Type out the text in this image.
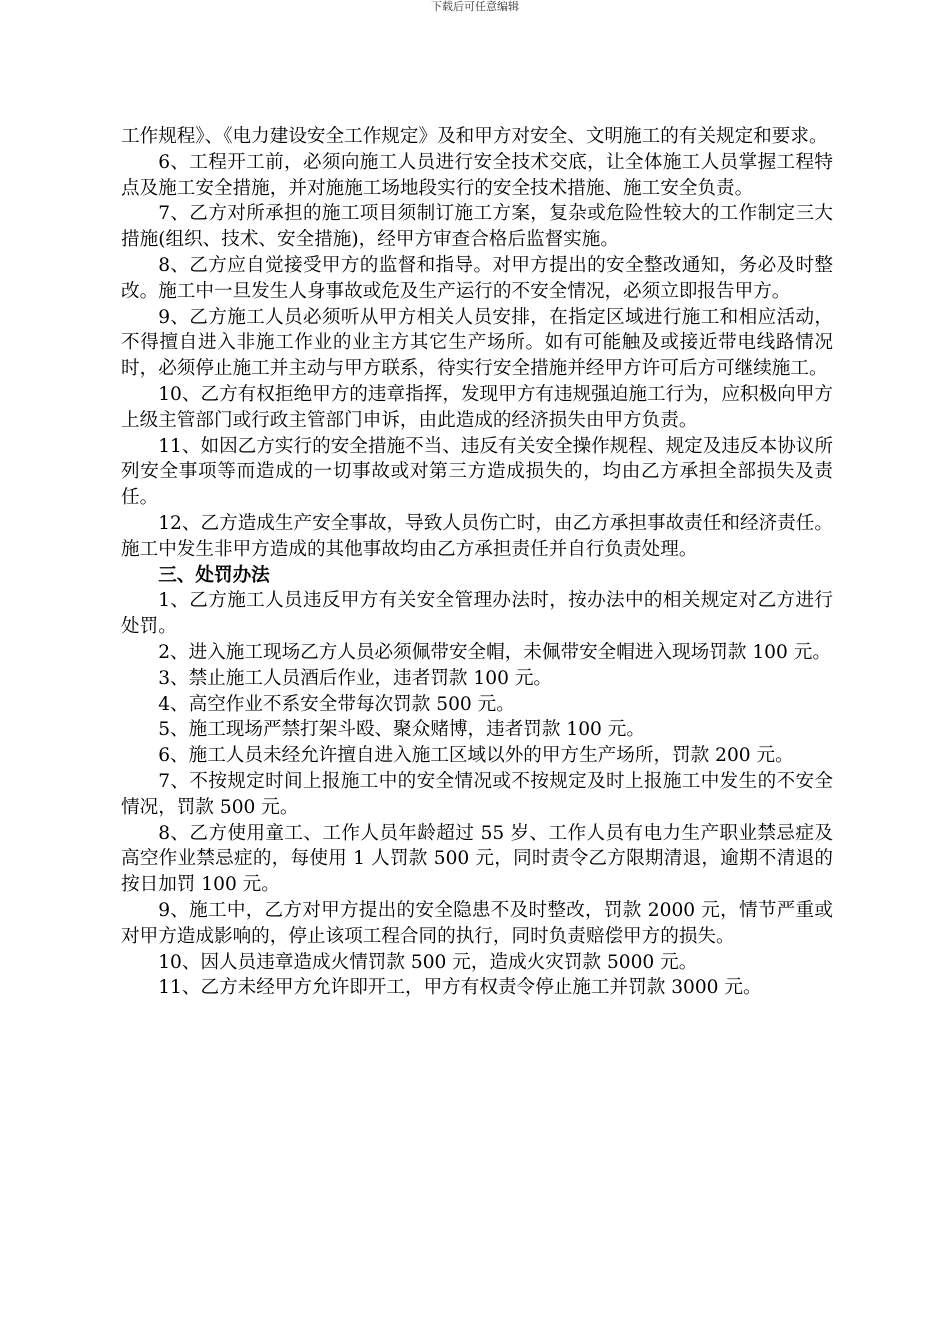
下载后可任意编辑

工作规程》、《电力建设安全工作规定》及和甲方对安全、文明施工的有关规定和要求。

6、工程开工前，必须向施工人员进行安全技术交底，让全体施工人员掌握工程特点及施工安全措施，并对施施工场地段实行的安全技术措施、施工安全负责。

7、乙方对所承担的施工项目须制订施工方案，复杂或危险性较大的工作制定三大措施(组织、技术、安全措施)，经甲方审查合格后监督实施。

8、乙方应自觉接受甲方的监督和指导。对甲方提出的安全整改通知，务必及时整改。施工中一旦发生人身事故或危及生产运行的不安全情况，必须立即报告甲方。

9、乙方施工人员必须听从甲方相关人员安排，在指定区域进行施工和相应活动，不得擅自进入非施工作业的业主方其它生产场所。如有可能触及或接近带电线路情况时，必须停止施工并主动与甲方联系，待实行安全措施并经甲方许可后方可继续施工。

10、乙方有权拒绝甲方的违章指挥，发现甲方有违规强迫施工行为，应积极向甲方上级主管部门或行政主管部门申诉，由此造成的经济损失由甲方负责。

11、如因乙方实行的安全措施不当、违反有关安全操作规程、规定及违反本协议所列安全事项等而造成的一切事故或对第三方造成损失的，均由乙方承担全部损失及责任。

12、乙方造成生产安全事故，导致人员伤亡时，由乙方承担事故责任和经济责任。施工中发生非甲方造成的其他事故均由乙方承担责任并自行负责处理。

三、处罚办法

1、乙方施工人员违反甲方有关安全管理办法时，按办法中的相关规定对乙方进行处罚。

2、进入施工现场乙方人员必须佩带安全帽，未佩带安全帽进入现场罚款 100 元。

3、禁止施工人员酒后作业，违者罚款 100 元。

4、高空作业不系安全带每次罚款 500 元。

5、施工现场严禁打架斗殴、聚众赌博，违者罚款 100 元。

6、施工人员未经允许擅自进入施工区域以外的甲方生产场所，罚款 200 元。

7、不按规定时间上报施工中的安全情况或不按规定及时上报施工中发生的不安全情况，罚款 500 元。

8、乙方使用童工、工作人员年龄超过 55 岁、工作人员有电力生产职业禁忌症及高空作业禁忌症的，每使用 1 人罚款 500 元，同时责令乙方限期清退，逾期不清退的按日加罚 100 元。

9、施工中，乙方对甲方提出的安全隐患不及时整改，罚款 2000 元，情节严重或对甲方造成影响的，停止该项工程合同的执行，同时负责赔偿甲方的损失。

10、因人员违章造成火情罚款 500 元，造成火灾罚款 5000 元。

11、乙方未经甲方允许即开工，甲方有权责令停止施工并罚款 3000 元。
